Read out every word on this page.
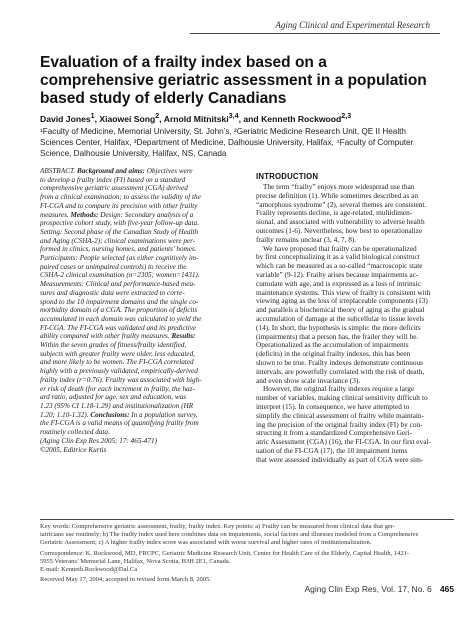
Aging Clinical and Experimental Research
Evaluation of a frailty index based on a
comprehensive geriatric assessment in a population
based study of elderly Canadians
David Jones$^1$, Xiaowei Song$^2$, Arnold Mitnitski$^{3,4}$, and Kenneth Rockwood$^{2,3}$
¹Faculty of Medicine, Memorial University, St. John’s, ²Geriatric Medicine Research Unit, QE II Health
Sciences Center, Halifax, ³Department of Medicine, Dalhousie University, Halifax, ⁴Faculty of Computer
Science, Dalhousie University, Halifax, NS, Canada
ABSTRACT. Background and aims: Objectives were
to develop a frailty index (FI) based on a standard
comprehensive geriatric assessment (CGA) derived
from a clinical examination; to assess the validity of the
FI-CGA and to compare its precision with other frailty
measures. Methods: Design: Secondary analysis of a
prospective cohort study, with five-year follow-up data.
Setting: Second phase of the Canadian Study of Health
and Aging (CSHA-2); clinical examinations were per-
formed in clinics, nursing homes, and patients’ homes.
Participants: People selected (as either cognitively im-
paired cases or unimpaired controls) to receive the
CSHA-2 clinical examination (n=2305; women=1431).
Measurements: Clinical and performance-based mea-
sures and diagnostic data were extracted to corre-
spond to the 10 impairment domains and the single co-
morbidity domain of a CGA. The proportion of deficits
accumulated in each domain was calculated to yield the
FI-CGA. The FI-CGA was validated and its predictive
ability compared with other frailty measures. Results:
Within the seven grades of fitness/frailty identified,
subjects with greater frailty were older, less educated,
and more likely to be women. The FI-CGA correlated
highly with a previously validated, empirically-derived
frailty index (r=0.76). Frailty was associated with high-
er risk of death (for each increment in frailty, the haz-
ard ratio, adjusted for age, sex and education, was
1.23 (95% CI 1.18-1.29) and institutionalization (HR
1.20; 1.10-1.32). Conclusions: In a population survey,
the FI-CGA is a valid means of quantifying frailty from
routinely collected data.
(Aging Clin Exp Res 2005; 17: 465-471)
©2005, Editrice Kurtis
INTRODUCTION
The term “frailty” enjoys more widespread use than
precise definition (1). While sometimes described as an
“amorphous syndrome” (2), several themes are consistent.
Frailty represents decline, is age-related, multidimen-
sional, and associated with vulnerability to adverse health
outcomes (1-6). Nevertheless, how best to operationalize
frailty remains unclear (3, 4, 7, 8).
We have proposed that frailty can be operationalized
by first conceptualizing it as a valid biological construct
which can be measured as a so-called “macroscopic state
variable” (9-12). Frailty arises because impairments ac-
cumulate with age, and is expressed as a loss of intrinsic
maintenance systems. This view of frailty is consistent with
viewing aging as the loss of irreplaceable components (13)
and parallels a biochemical theory of aging as the gradual
accumulation of damage at the subcellular to tissue levels
(14). In short, the hypothesis is simple: the more deficits
(impairments) that a person has, the frailer they will be.
Operationalized as the accumulation of impairments
(deficits) in the original frailty indexes, this has been
shown to be true. Frailty indexes demonstrate continuous
intervals, are powerfully correlated with the risk of death,
and even show scale invariance (3).
However, the original frailty indexes require a large
number of variables, making clinical sensitivity difficult to
interpret (15). In consequence, we have attempted to
simplify the clinical assessment of frailty while maintain-
ing the precision of the original frailty index (FI) by con-
structing it from a standardized Comprehensive Geri-
atric Assessment (CGA) (16), the FI-CGA. In our first eval-
uation of the FI-CGA (17), the 10 impairment items
that were assessed individually as part of CGA were sim-
Key words: Comprehensive geriatric assessment, frailty, frailty index. Key points: a) Frailty can be measured from clinical data that ger-
iatricians use routinely; b) The frailty index used here combines data on impairments, social factors and illnesses modeled from a Comprehensive
Geriatric Assessment; c) A higher frailty index score was associated with worse survival and higher rates of institutionalization.
Correspondence: K. Rockwood, MD, FRCPC, Geriatric Medicine Research Unit, Center for Health Care of the Elderly, Capital Health, 1421-
5955 Veterans’ Memorial Lane, Halifax, Nova Scotia, B3H 2E1, Canada.
E-mail: Kenneth.Rockwood@Dal.Ca
Received May 17, 2004; accepted in revised form March 8, 2005.
Aging Clin Exp Res, Vol. 17, No. 6 465
